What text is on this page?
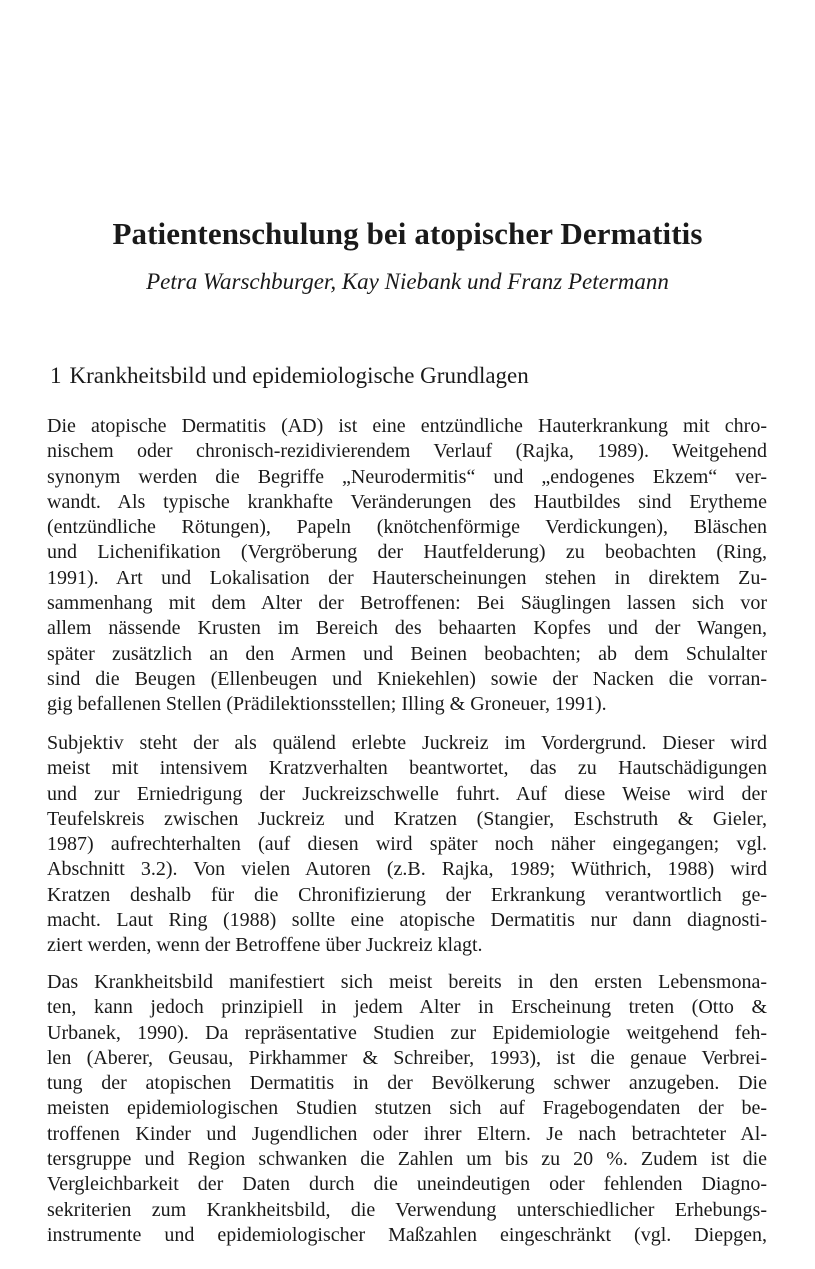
Patientenschulung bei atopischer Dermatitis

Petra Warschburger, Kay Niebank und Franz Petermann

1 Krankheitsbild und epidemiologische Grundlagen
Die atopische Dermatitis (AD) ist eine entzündliche Hauterkrankung mit chro-
nischem oder chronisch-rezidivierendem Verlauf (Rajka, 1989). Weitgehend
synonym werden die Begriffe „Neurodermitis“ und „endogenes Ekzem“ ver-
wandt. Als typische krankhafte Veränderungen des Hautbildes sind Erytheme
(entzündliche Rötungen), Papeln (knötchenförmige Verdickungen), Bläschen
und Lichenifikation (Vergröberung der Hautfelderung) zu beobachten (Ring,
1991). Art und Lokalisation der Hauterscheinungen stehen in direktem Zu-
sammenhang mit dem Alter der Betroffenen: Bei Säuglingen lassen sich vor
allem nässende Krusten im Bereich des behaarten Kopfes und der Wangen,
später zusätzlich an den Armen und Beinen beobachten; ab dem Schulalter
sind die Beugen (Ellenbeugen und Kniekehlen) sowie der Nacken die vorran-
gig befallenen Stellen (Prädilektionsstellen; Illing & Groneuer, 1991).
Subjektiv steht der als quälend erlebte Juckreiz im Vordergrund. Dieser wird
meist mit intensivem Kratzverhalten beantwortet, das zu Hautschädigungen
und zur Erniedrigung der Juckreizschwelle fuhrt. Auf diese Weise wird der
Teufelskreis zwischen Juckreiz und Kratzen (Stangier, Eschstruth & Gieler,
1987) aufrechterhalten (auf diesen wird später noch näher eingegangen; vgl.
Abschnitt 3.2). Von vielen Autoren (z.B. Rajka, 1989; Wüthrich, 1988) wird
Kratzen deshalb für die Chronifizierung der Erkrankung verantwortlich ge-
macht. Laut Ring (1988) sollte eine atopische Dermatitis nur dann diagnosti-
ziert werden, wenn der Betroffene über Juckreiz klagt.
Das Krankheitsbild manifestiert sich meist bereits in den ersten Lebensmona-
ten, kann jedoch prinzipiell in jedem Alter in Erscheinung treten (Otto &
Urbanek, 1990). Da repräsentative Studien zur Epidemiologie weitgehend feh-
len (Aberer, Geusau, Pirkhammer & Schreiber, 1993), ist die genaue Verbrei-
tung der atopischen Dermatitis in der Bevölkerung schwer anzugeben. Die
meisten epidemiologischen Studien stutzen sich auf Fragebogendaten der be-
troffenen Kinder und Jugendlichen oder ihrer Eltern. Je nach betrachteter Al-
tersgruppe und Region schwanken die Zahlen um bis zu 20 %. Zudem ist die
Vergleichbarkeit der Daten durch die uneindeutigen oder fehlenden Diagno-
sekriterien zum Krankheitsbild, die Verwendung unterschiedlicher Erhebungs-
instrumente und epidemiologischer Maßzahlen eingeschränkt (vgl. Diepgen,
